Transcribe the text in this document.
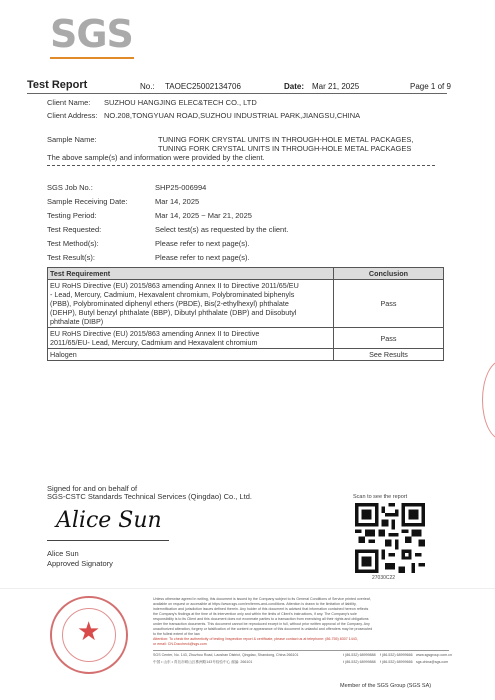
SGS
Test Report	No.: TAOEC25002134706	Date: Mar 21, 2025	Page 1 of 9
Client Name: SUZHOU HANGJING ELEC&TECH CO., LTD
Client Address: NO.208,TONGYUAN ROAD,SUZHOU INDUSTRIAL PARK,JIANGSU,CHINA
Sample Name:	TUNING FORK CRYSTAL UNITS IN THROUGH-HOLE METAL PACKAGES,
TUNING FORK CRYSTAL UNITS IN THROUGH-HOLE METAL PACKAGES
The above sample(s) and information were provided by the client.
SGS Job No.:	SHP25-006994
Sample Receiving Date:	Mar 14, 2025
Testing Period:	Mar 14, 2025 ~ Mar 21, 2025
Test Requested:	Select test(s) as requested by the client.
Test Method(s):	Please refer to next page(s).
Test Result(s):	Please refer to next page(s).
Test Requirement	Conclusion

EU RoHS Directive (EU) 2015/863 amending Annex II to Directive 2011/65/EU
- Lead, Mercury, Cadmium, Hexavalent chromium, Polybrominated biphenyls
(PBB), Polybrominated diphenyl ethers (PBDE), Bis(2-ethylhexyl) phthalate
(DEHP), Butyl benzyl phthalate (BBP), Dibutyl phthalate (DBP) and Diisobutyl
phthalate (DIBP)	Pass

EU RoHS Directive (EU) 2015/863 amending Annex II to Directive
2011/65/EU- Lead, Mercury, Cadmium and Hexavalent chromium	Pass

Halogen	See Results
Signed for and on behalf of
SGS-CSTC Standards Technical Services (Qingdao) Co., Ltd.
Alice Sun
Alice Sun
Approved Signatory
Scan to see the report
27030C22
★
Unless otherwise agreed in writing, this document is issued by the Company subject to its General Conditions of Service printed overleaf,
available on request or accessible at https://www.sgs.com/en/terms-and-conditions. Attention is drawn to the limitation of liability,
indemnification and jurisdiction issues defined therein. Any holder of this document is advised that information contained hereon reflects
the Company's findings at the time of its intervention only and within the limits of Client's instructions, if any. The Company's sole
responsibility is to its Client and this document does not exonerate parties to a transaction from exercising all their rights and obligations
under the transaction documents. This document cannot be reproduced except in full, without prior written approval of the Company. Any
unauthorized alteration, forgery or falsification of the content or appearance of this document is unlawful and offenders may be prosecuted
to the fullest extent of the law.
Attention: To check the authenticity of testing /inspection report & certificate, please contact us at telephone: (86-755) 8307 1443,
or email: CN.Doccheck@sgs.com
SGS Center, No. 143, Zhuzhou Road, Laoshan District, Qingdao, Shandong, China 266101
中国 • 山东 • 青岛市崂山区株洲路143号检验中心 邮编: 266101
t (86-532) 68999888
t (86-532) 68999888
f (86-532) 68999666
f (86-532) 68999666
www.sgsgroup.com.cn
sgs.china@sgs.com
Member of the SGS Group (SGS SA)
